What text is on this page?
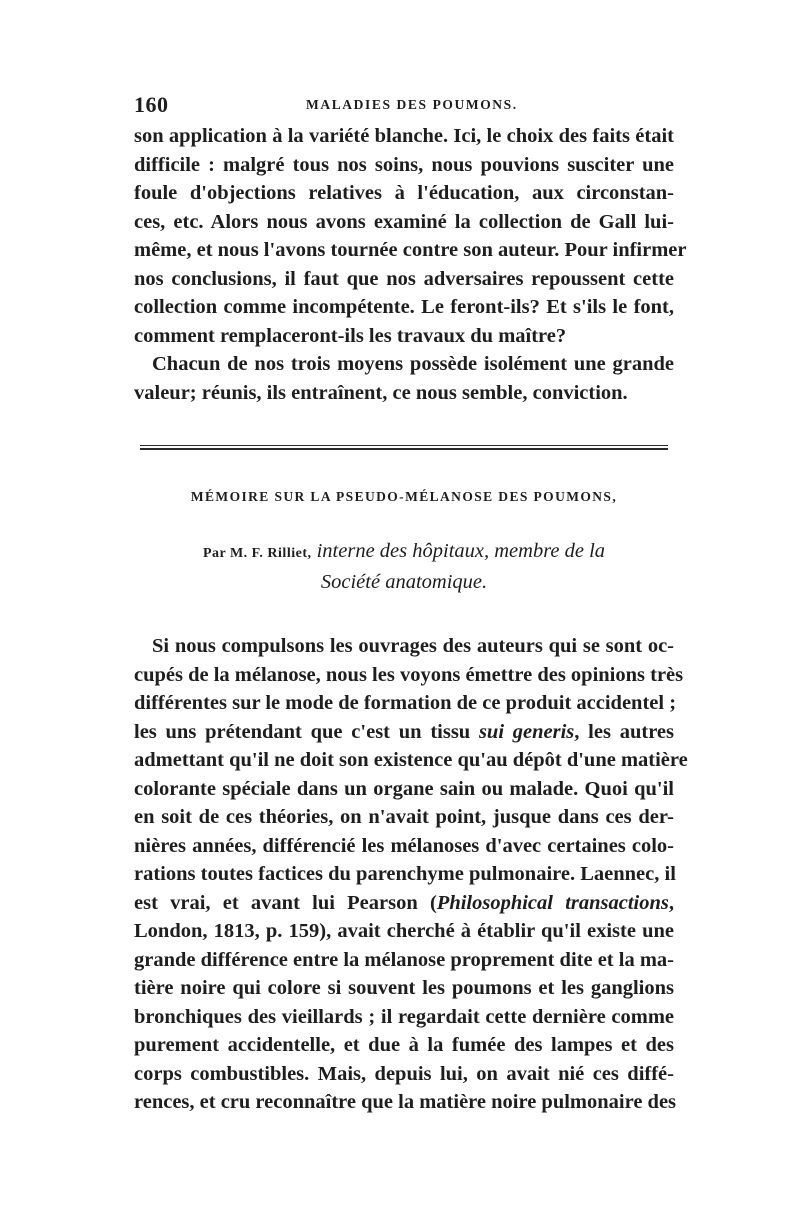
160	MALADIES DES POUMONS.
son application à la variété blanche. Ici, le choix des faits était
difficile : malgré tous nos soins, nous pouvions susciter une
foule d'objections relatives à l'éducation, aux circonstan-
ces, etc. Alors nous avons examiné la collection de Gall lui-
même, et nous l'avons tournée contre son auteur. Pour infirmer
nos conclusions, il faut que nos adversaires repoussent cette
collection comme incompétente. Le feront-ils? Et s'ils le font,
comment remplaceront-ils les travaux du maître?
Chacun de nos trois moyens possède isolément une grande
valeur; réunis, ils entraînent, ce nous semble, conviction.
MÉMOIRE SUR LA PSEUDO-MÉLANOSE DES POUMONS,
Par M. F. Rilliet, interne des hôpitaux, membre de la
Société anatomique.
Si nous compulsons les ouvrages des auteurs qui se sont oc-
cupés de la mélanose, nous les voyons émettre des opinions très
différentes sur le mode de formation de ce produit accidentel ;
les uns prétendant que c'est un tissu sui generis, les autres
admettant qu'il ne doit son existence qu'au dépôt d'une matière
colorante spéciale dans un organe sain ou malade. Quoi qu'il
en soit de ces théories, on n'avait point, jusque dans ces der-
nières années, différencié les mélanoses d'avec certaines colo-
rations toutes factices du parenchyme pulmonaire. Laennec, il
est vrai, et avant lui Pearson (Philosophical transactions,
London, 1813, p. 159), avait cherché à établir qu'il existe une
grande différence entre la mélanose proprement dite et la ma-
tière noire qui colore si souvent les poumons et les ganglions
bronchiques des vieillards ; il regardait cette dernière comme
purement accidentelle, et due à la fumée des lampes et des
corps combustibles. Mais, depuis lui, on avait nié ces diffé-
rences, et cru reconnaître que la matière noire pulmonaire des
